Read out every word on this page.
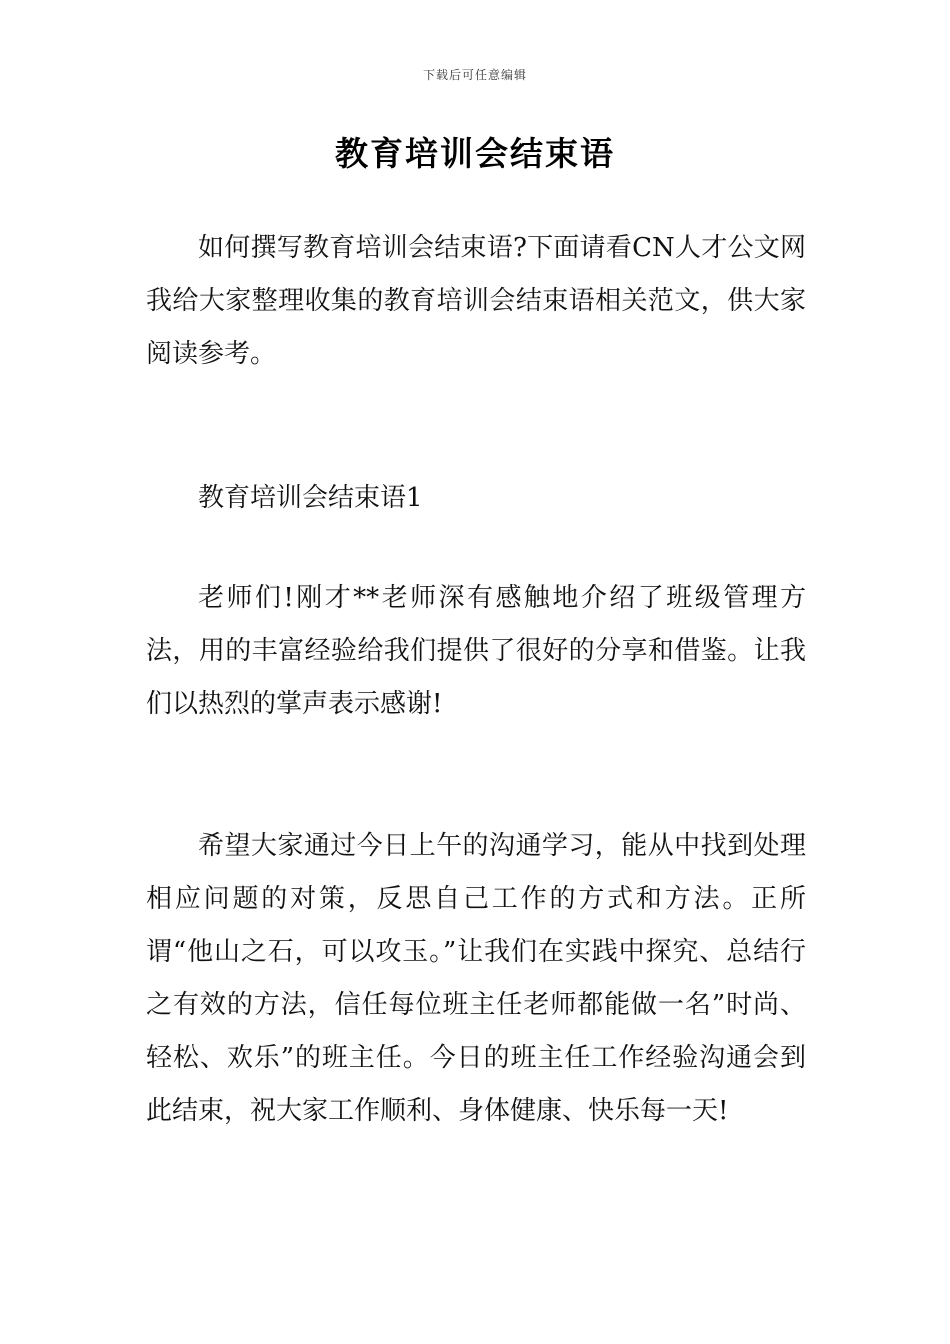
下载后可任意编辑
教育培训会结束语

如何撰写教育培训会结束语?下面请看CN人才公文网我给大家整理收集的教育培训会结束语相关范文，供大家阅读参考。

教育培训会结束语1

老师们!刚才**老师深有感触地介绍了班级管理方法，用的丰富经验给我们提供了很好的分享和借鉴。让我们以热烈的掌声表示感谢!

希望大家通过今日上午的沟通学习，能从中找到处理相应问题的对策，反思自己工作的方式和方法。正所谓“他山之石，可以攻玉。”让我们在实践中探究、总结行之有效的方法，信任每位班主任老师都能做一名”时尚、轻松、欢乐”的班主任。今日的班主任工作经验沟通会到此结束，祝大家工作顺利、身体健康、快乐每一天!
